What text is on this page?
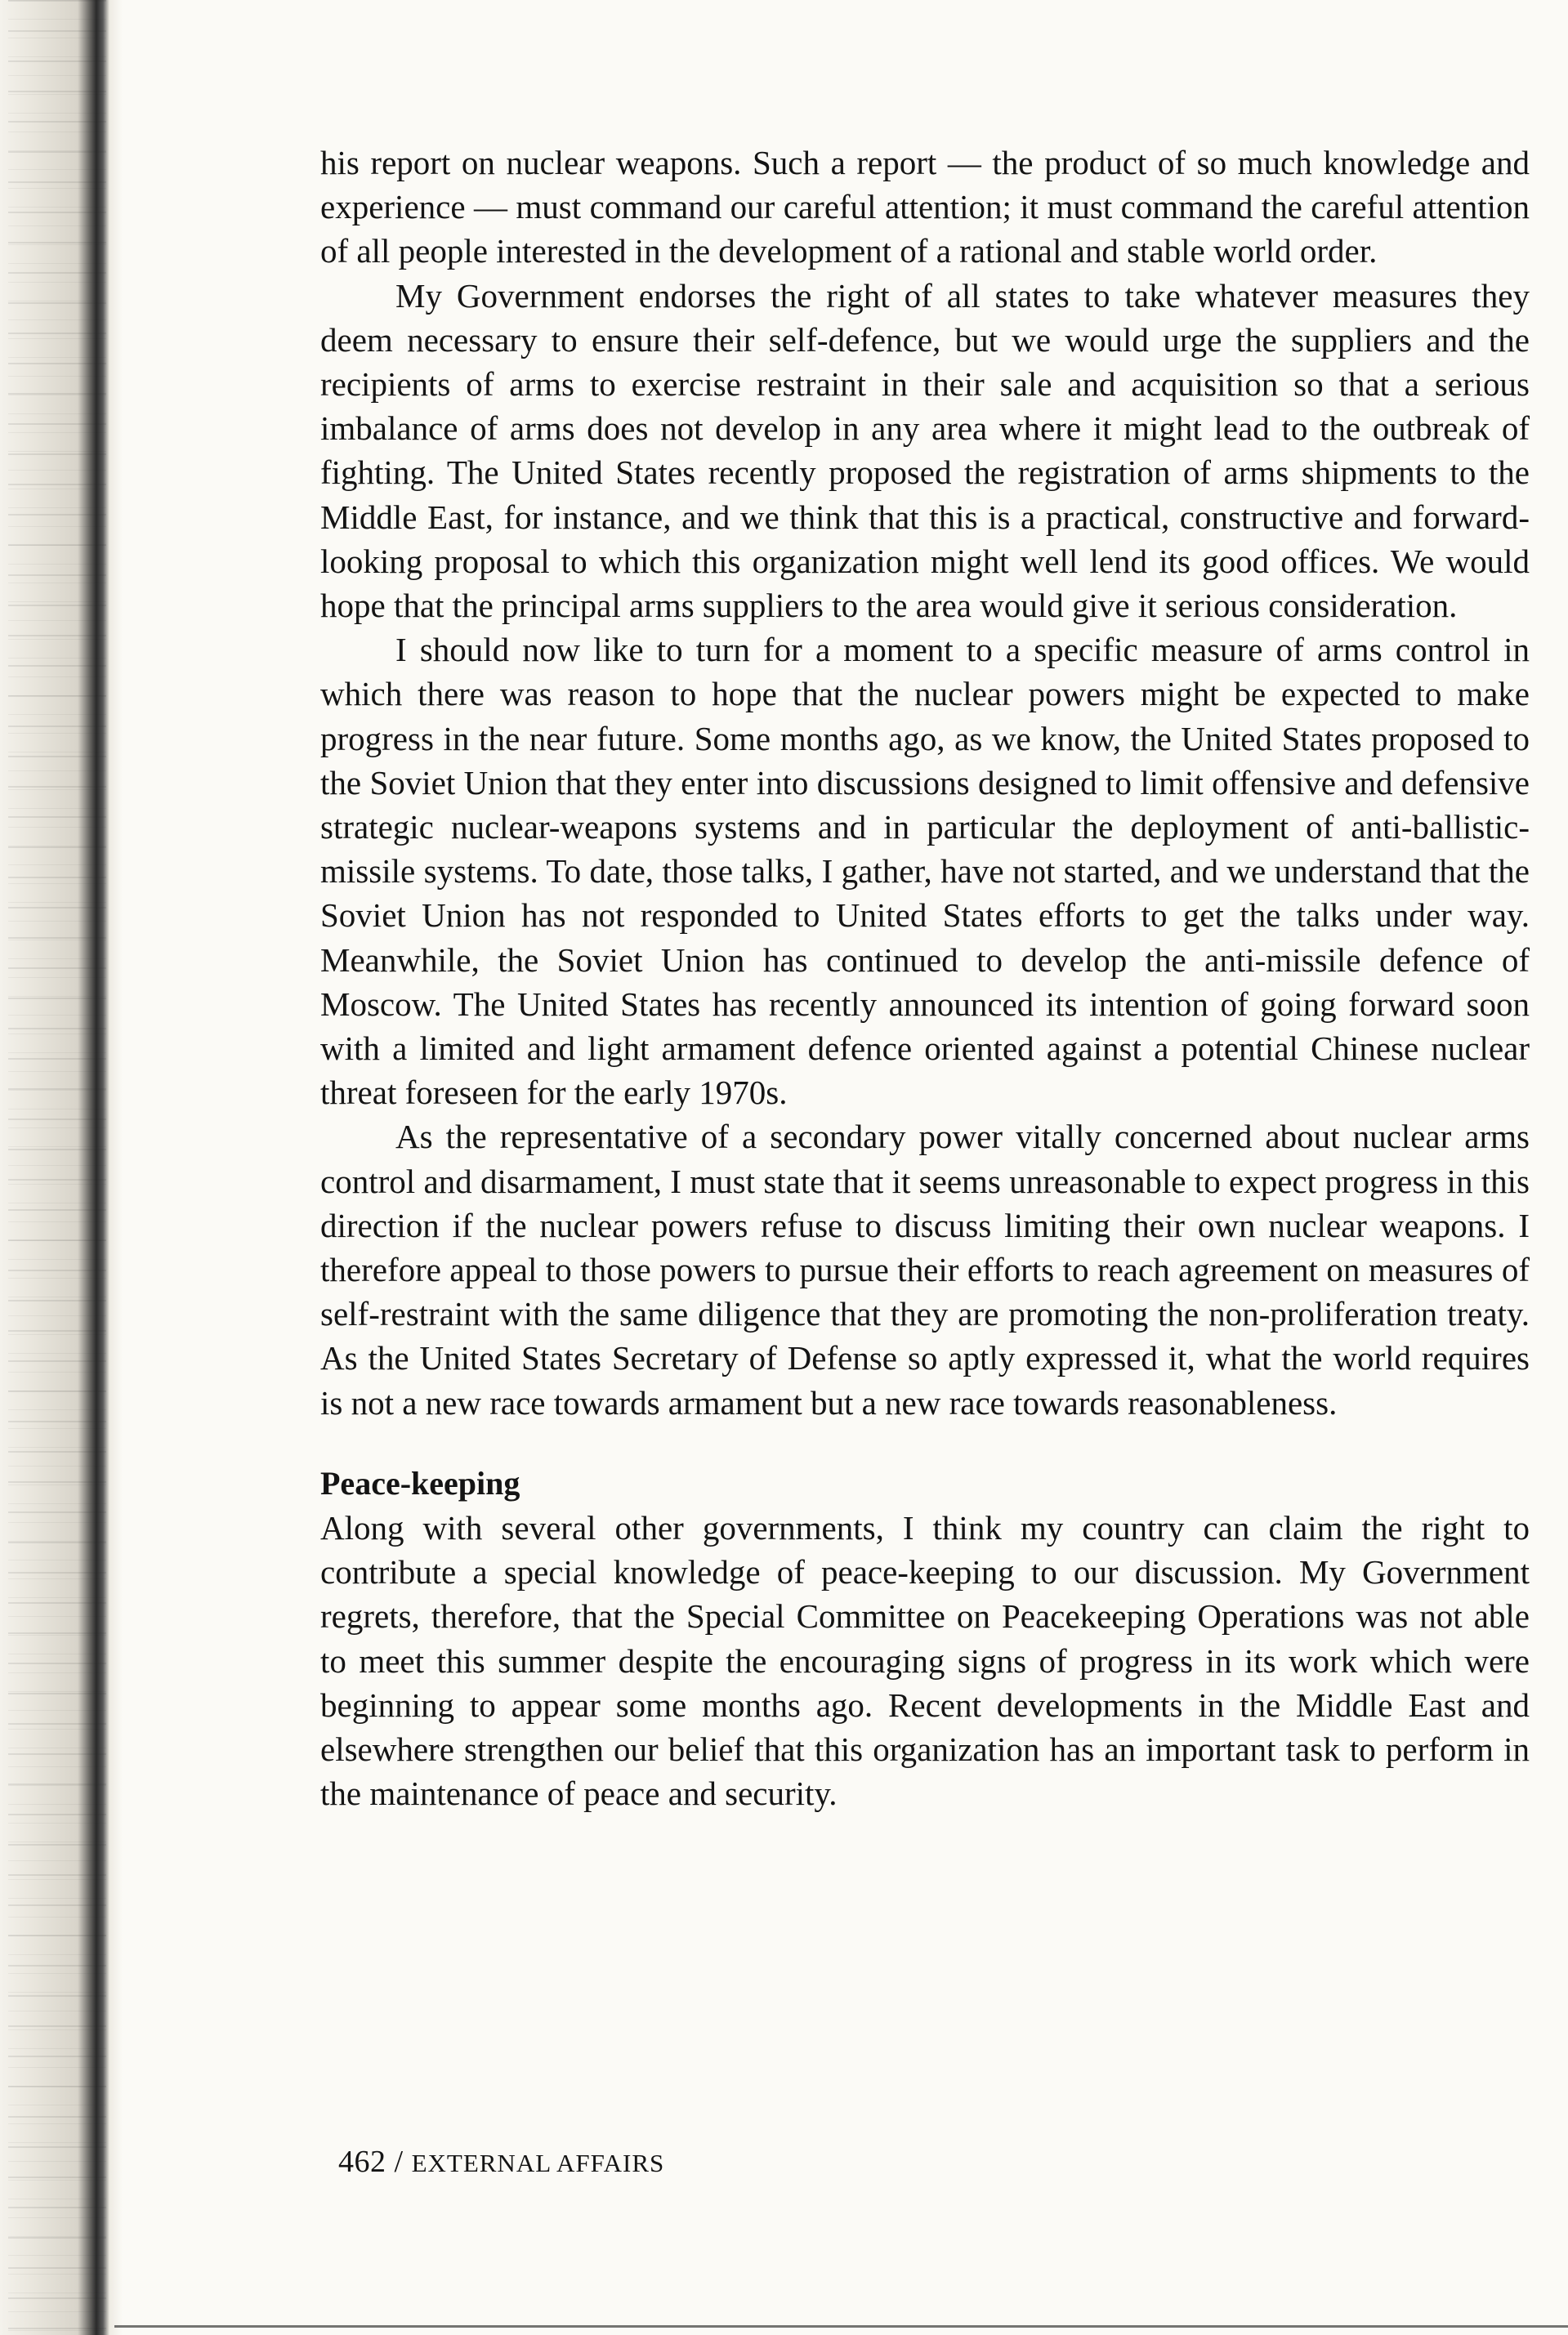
his report on nuclear weapons. Such a report — the product of so much knowledge and experience — must command our careful attention; it must command the careful attention of all people interested in the development of a rational and stable world order.

My Government endorses the right of all states to take whatever measures they deem necessary to ensure their self-defence, but we would urge the suppliers and the recipients of arms to exercise restraint in their sale and acquisition so that a serious imbalance of arms does not develop in any area where it might lead to the outbreak of fighting. The United States recently proposed the registration of arms shipments to the Middle East, for instance, and we think that this is a practical, constructive and forward-looking proposal to which this organization might well lend its good offices. We would hope that the principal arms suppliers to the area would give it serious consideration.

I should now like to turn for a moment to a specific measure of arms control in which there was reason to hope that the nuclear powers might be expected to make progress in the near future. Some months ago, as we know, the United States proposed to the Soviet Union that they enter into discussions designed to limit offensive and defensive strategic nuclear-weapons systems and in particular the deployment of anti-ballistic-missile systems. To date, those talks, I gather, have not started, and we understand that the Soviet Union has not responded to United States efforts to get the talks under way. Meanwhile, the Soviet Union has continued to develop the anti-missile defence of Moscow. The United States has recently announced its intention of going forward soon with a limited and light armament defence oriented against a potential Chinese nuclear threat foreseen for the early 1970s.

As the representative of a secondary power vitally concerned about nuclear arms control and disarmament, I must state that it seems unreasonable to expect progress in this direction if the nuclear powers refuse to discuss limiting their own nuclear weapons. I therefore appeal to those powers to pursue their efforts to reach agreement on measures of self-restraint with the same diligence that they are promoting the non-proliferation treaty. As the United States Secretary of Defense so aptly expressed it, what the world requires is not a new race towards armament but a new race towards reasonableness.

Peace-keeping

Along with several other governments, I think my country can claim the right to contribute a special knowledge of peace-keeping to our discussion. My Government regrets, therefore, that the Special Committee on Peacekeeping Operations was not able to meet this summer despite the encouraging signs of progress in its work which were beginning to appear some months ago. Recent developments in the Middle East and elsewhere strengthen our belief that this organization has an important task to perform in the maintenance of peace and security.

462 / EXTERNAL AFFAIRS
